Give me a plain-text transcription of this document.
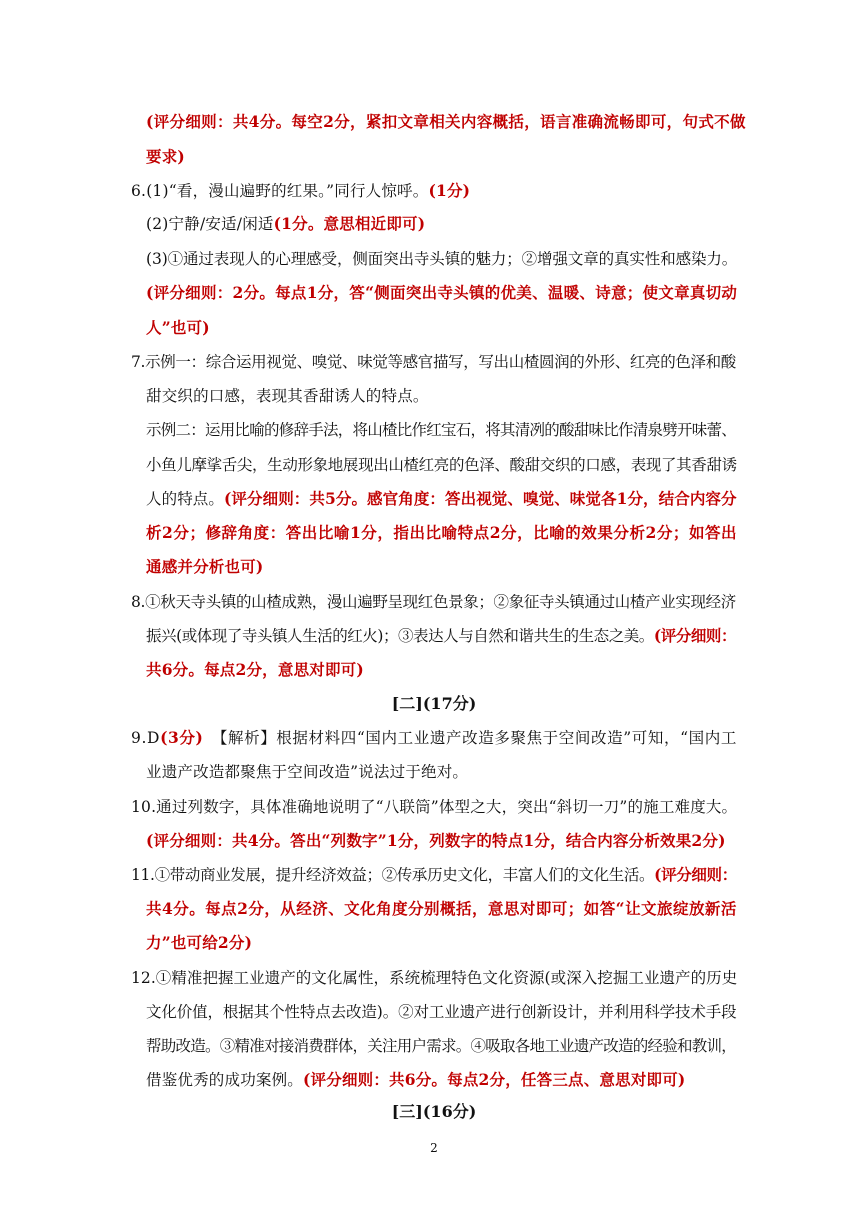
(评分细则：共4分。每空2分，紧扣文章相关内容概括，语言准确流畅即可，句式不做
要求)
6.(1)“看，漫山遍野的红果。”同行人惊呼。(1分)
(2)宁静/安适/闲适(1分。意思相近即可)
(3)①通过表现人的心理感受，侧面突出寺头镇的魅力；②增强文章的真实性和感染力。
(评分细则：2分。每点1分，答“侧面突出寺头镇的优美、温暖、诗意；使文章真切动
人”也可)
7.示例一：综合运用视觉、嗅觉、味觉等感官描写，写出山楂圆润的外形、红亮的色泽和酸
甜交织的口感，表现其香甜诱人的特点。
示例二：运用比喻的修辞手法，将山楂比作红宝石，将其清冽的酸甜味比作清泉劈开味蕾、
小鱼儿摩挲舌尖，生动形象地展现出山楂红亮的色泽、酸甜交织的口感，表现了其香甜诱
人的特点。(评分细则：共5分。感官角度：答出视觉、嗅觉、味觉各1分，结合内容分
析2分；修辞角度：答出比喻1分，指出比喻特点2分，比喻的效果分析2分；如答出
通感并分析也可)
8.①秋天寺头镇的山楂成熟，漫山遍野呈现红色景象；②象征寺头镇通过山楂产业实现经济
振兴(或体现了寺头镇人生活的红火)；③表达人与自然和谐共生的生态之美。(评分细则：
共6分。每点2分，意思对即可)
[二](17分)
9.D(3分)　【解析】根据材料四“国内工业遗产改造多聚焦于空间改造”可知，“国内工
业遗产改造都聚焦于空间改造”说法过于绝对。
10.通过列数字，具体准确地说明了“八联筒”体型之大，突出“斜切一刀”的施工难度大。
(评分细则：共4分。答出“列数字”1分，列数字的特点1分，结合内容分析效果2分)
11.①带动商业发展，提升经济效益；②传承历史文化，丰富人们的文化生活。(评分细则：
共4分。每点2分，从经济、文化角度分别概括，意思对即可；如答“让文旅绽放新活
力”也可给2分)
12.①精准把握工业遗产的文化属性，系统梳理特色文化资源(或深入挖掘工业遗产的历史
文化价值，根据其个性特点去改造)。②对工业遗产进行创新设计，并利用科学技术手段
帮助改造。③精准对接消费群体，关注用户需求。④吸取各地工业遗产改造的经验和教训，
借鉴优秀的成功案例。(评分细则：共6分。每点2分，任答三点、意思对即可)
[三](16分)
2
